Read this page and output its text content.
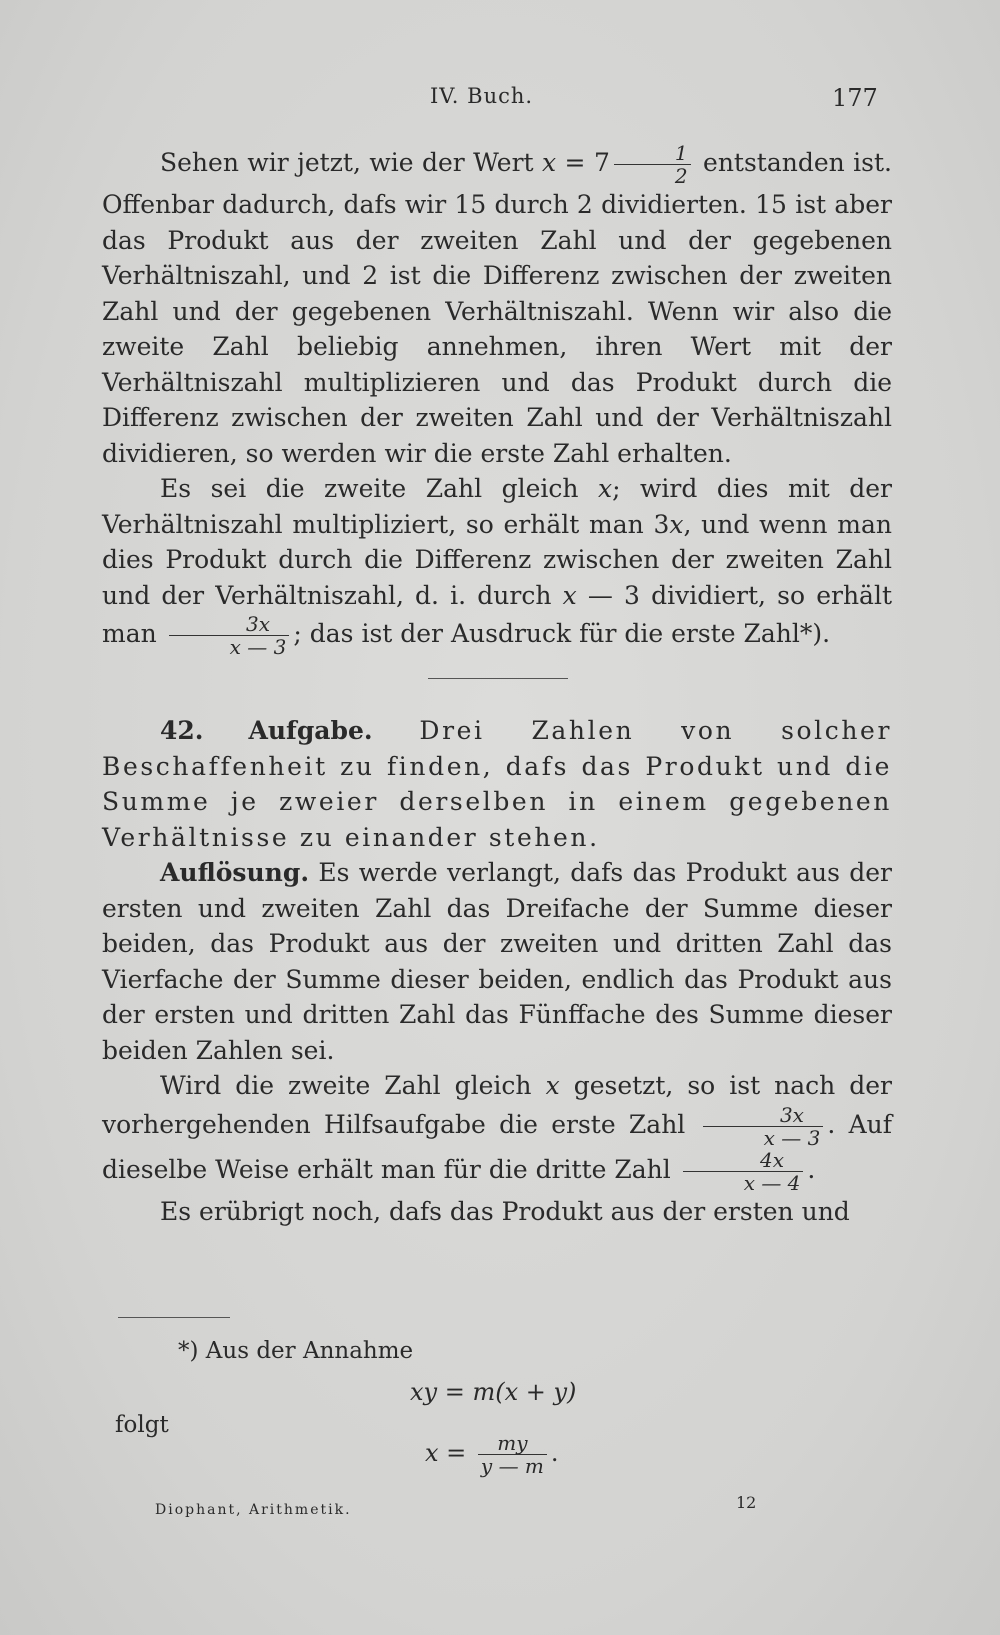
IV. Buch.	177

Sehen wir jetzt, wie der Wert $x = 7 \frac{1}{2}$ entstanden ist. Offenbar dadurch, dafs wir 15 durch 2 dividierten. 15 ist aber das Produkt aus der zweiten Zahl und der gegebenen Verhältniszahl, und 2 ist die Differenz zwischen der zweiten Zahl und der gegebenen Verhältniszahl. Wenn wir also die zweite Zahl beliebig annehmen, ihren Wert mit der Verhältniszahl multiplizieren und das Produkt durch die Differenz zwischen der zweiten Zahl und der Verhältniszahl dividieren, so werden wir die erste Zahl erhalten.

Es sei die zweite Zahl gleich x; wird dies mit der Verhältniszahl multipliziert, so erhält man 3x, und wenn man dies Produkt durch die Differenz zwischen der zweiten Zahl und der Verhältniszahl, d. i. durch x — 3 dividiert, so erhält man $\frac{3x}{x — 3}$ ; das ist der Ausdruck für die erste Zahl*).

42. Aufgabe. Drei Zahlen von solcher Beschaffenheit zu finden, dafs das Produkt und die Summe je zweier derselben in einem gegebenen Verhältnisse zu einander stehen.

Auflösung. Es werde verlangt, dafs das Produkt aus der ersten und zweiten Zahl das Dreifache der Summe dieser beiden, das Produkt aus der zweiten und dritten Zahl das Vierfache der Summe dieser beiden, endlich das Produkt aus der ersten und dritten Zahl das Fünffache des Summe dieser beiden Zahlen sei.

Wird die zweite Zahl gleich x gesetzt, so ist nach der vorhergehenden Hilfsaufgabe die erste Zahl $\frac{3x}{x — 3}$ . Auf dieselbe Weise erhält man für die dritte Zahl $\frac{4x}{x — 4}$ .

Es erübrigt noch, dafs das Produkt aus der ersten und

*) Aus der Annahme
xy = m(x + y)
folgt
$x = \frac{my}{y — m}$ .
Diophant, Arithmetik.	12
